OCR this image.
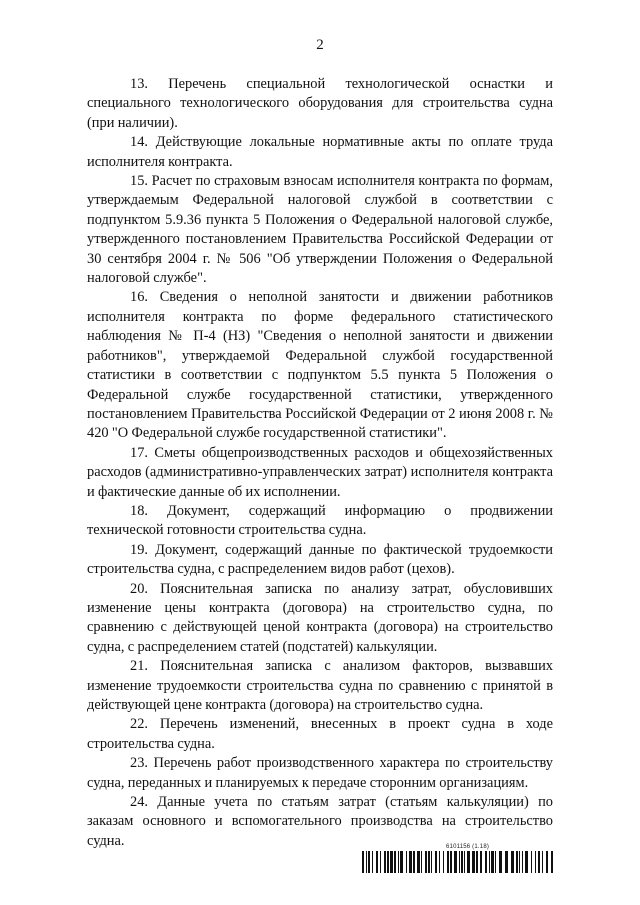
2

13. Перечень специальной технологической оснастки и специального технологического оборудования для строительства судна (при наличии).

14. Действующие локальные нормативные акты по оплате труда исполнителя контракта.

15. Расчет по страховым взносам исполнителя контракта по формам, утверждаемым Федеральной налоговой службой в соответствии с подпунктом 5.9.36 пункта 5 Положения о Федеральной налоговой службе, утвержденного постановлением Правительства Российской Федерации от 30 сентября 2004 г. № 506 "Об утверждении Положения о Федеральной налоговой службе".

16. Сведения о неполной занятости и движении работников исполнителя контракта по форме федерального статистического наблюдения № П-4 (НЗ) "Сведения о неполной занятости и движении работников", утверждаемой Федеральной службой государственной статистики в соответствии с подпунктом 5.5 пункта 5 Положения о Федеральной службе государственной статистики, утвержденного постановлением Правительства Российской Федерации от 2 июня 2008 г. № 420 "О Федеральной службе государственной статистики".

17. Сметы общепроизводственных расходов и общехозяйственных расходов (административно-управленческих затрат) исполнителя контракта и фактические данные об их исполнении.

18. Документ, содержащий информацию о продвижении технической готовности строительства судна.

19. Документ, содержащий данные по фактической трудоемкости строительства судна, с распределением видов работ (цехов).

20. Пояснительная записка по анализу затрат, обусловивших изменение цены контракта (договора) на строительство судна, по сравнению с действующей ценой контракта (договора) на строительство судна, с распределением статей (подстатей) калькуляции.

21. Пояснительная записка с анализом факторов, вызвавших изменение трудоемкости строительства судна по сравнению с принятой в действующей цене контракта (договора) на строительство судна.

22. Перечень изменений, внесенных в проект судна в ходе строительства судна.

23. Перечень работ производственного характера по строительству судна, переданных и планируемых к передаче сторонним организациям.

24. Данные учета по статьям затрат (статьям калькуляции) по заказам основного и вспомогательного производства на строительство судна.	6101156 (1.18)
